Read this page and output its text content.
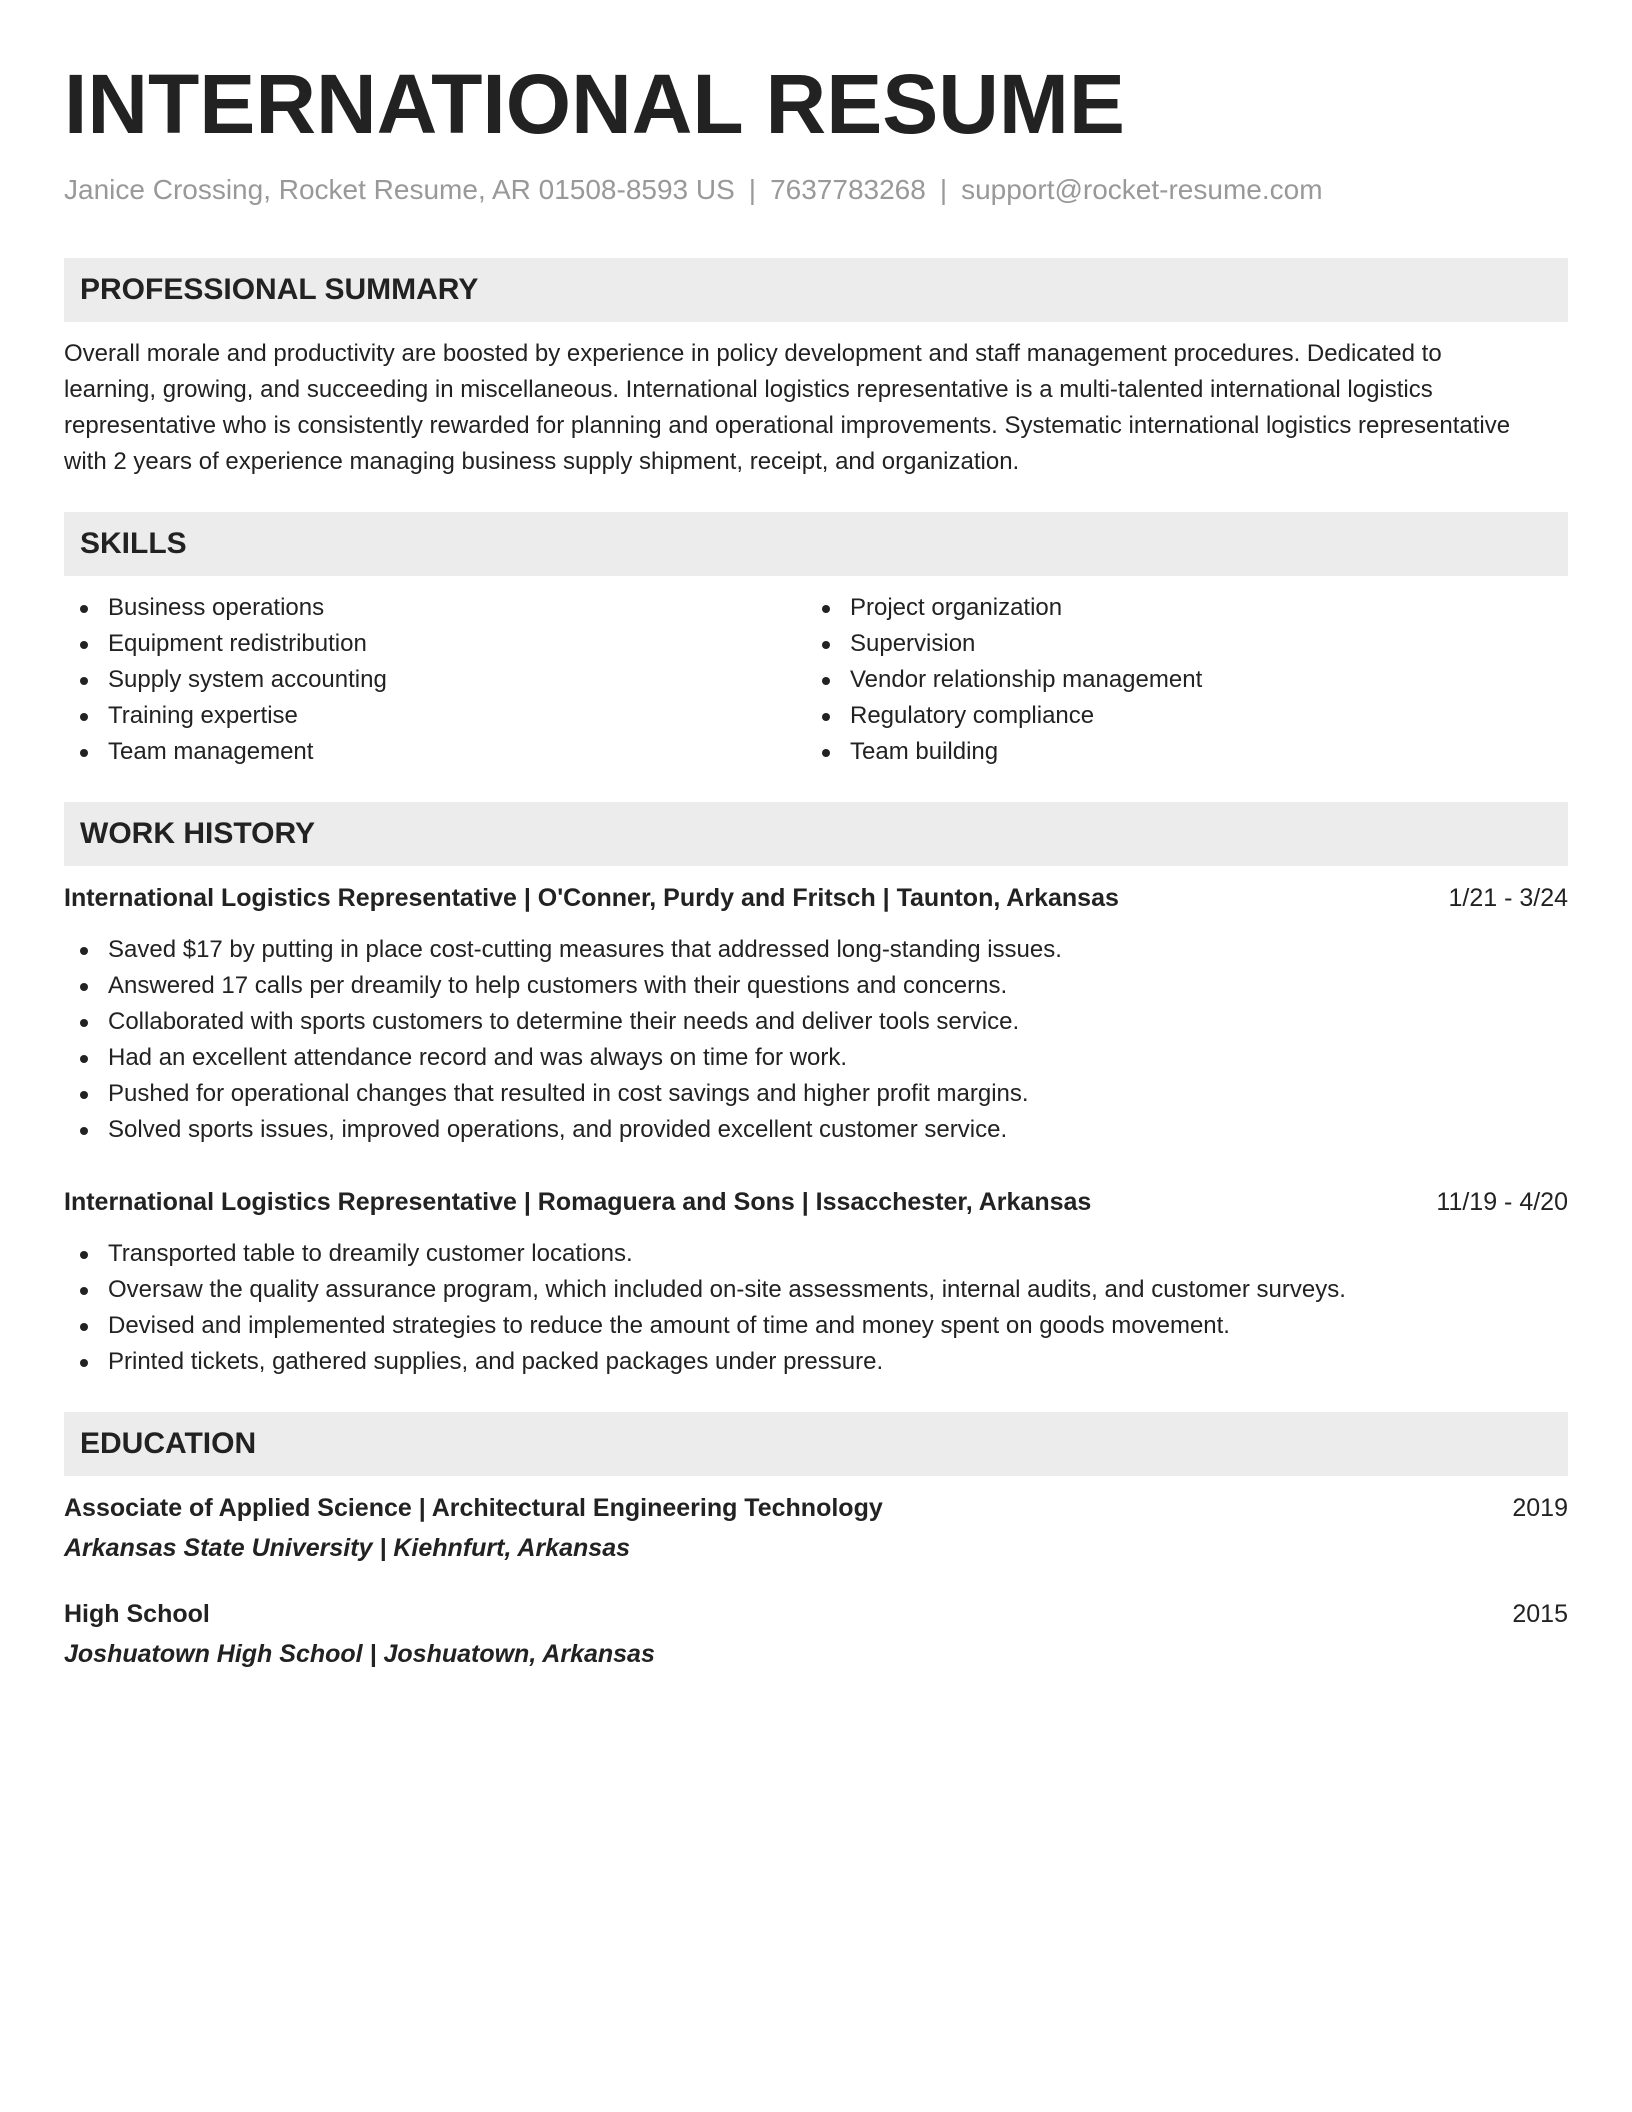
INTERNATIONAL RESUME
Janice Crossing, Rocket Resume, AR 01508-8593 US | 7637783268 | support@rocket-resume.com
PROFESSIONAL SUMMARY
Overall morale and productivity are boosted by experience in policy development and staff management procedures. Dedicated to learning, growing, and succeeding in miscellaneous. International logistics representative is a multi-talented international logistics representative who is consistently rewarded for planning and operational improvements. Systematic international logistics representative with 2 years of experience managing business supply shipment, receipt, and organization.
SKILLS
Business operations
Equipment redistribution
Supply system accounting
Training expertise
Team management
Project organization
Supervision
Vendor relationship management
Regulatory compliance
Team building
WORK HISTORY
International Logistics Representative | O'Conner, Purdy and Fritsch | Taunton, Arkansas	1/21 - 3/24
Saved $17 by putting in place cost-cutting measures that addressed long-standing issues.
Answered 17 calls per dreamily to help customers with their questions and concerns.
Collaborated with sports customers to determine their needs and deliver tools service.
Had an excellent attendance record and was always on time for work.
Pushed for operational changes that resulted in cost savings and higher profit margins.
Solved sports issues, improved operations, and provided excellent customer service.
International Logistics Representative | Romaguera and Sons | Issacchester, Arkansas	11/19 - 4/20
Transported table to dreamily customer locations.
Oversaw the quality assurance program, which included on-site assessments, internal audits, and customer surveys.
Devised and implemented strategies to reduce the amount of time and money spent on goods movement.
Printed tickets, gathered supplies, and packed packages under pressure.
EDUCATION
Associate of Applied Science | Architectural Engineering Technology	2019
Arkansas State University | Kiehnfurt, Arkansas
High School	2015
Joshuatown High School | Joshuatown, Arkansas
